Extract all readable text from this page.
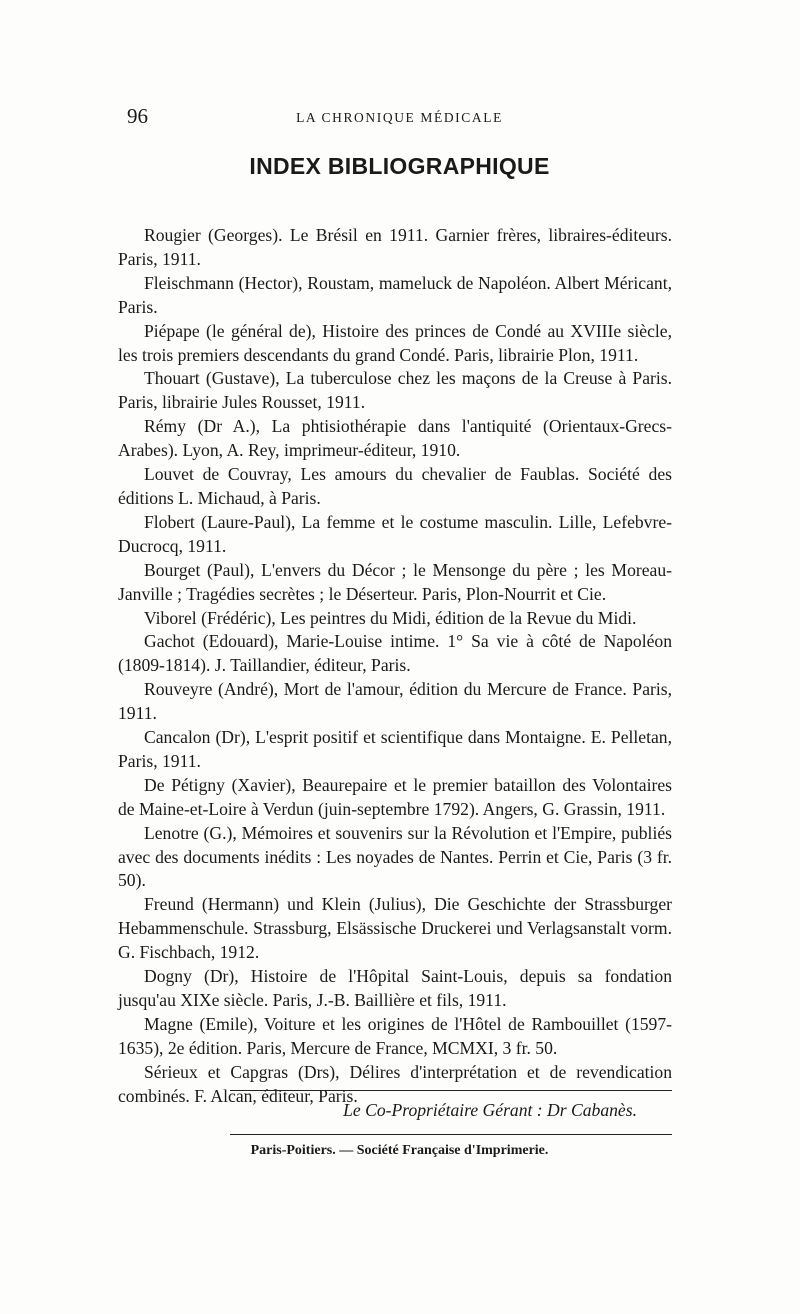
96	LA CHRONIQUE MÉDICALE
INDEX BIBLIOGRAPHIQUE

Rougier (Georges). Le Brésil en 1911. Garnier frères, libraires-éditeurs. Paris, 1911.

Fleischmann (Hector), Roustam, mameluck de Napoléon. Albert Méricant, Paris.

Piépape (le général de), Histoire des princes de Condé au XVIIIe siècle, les trois premiers descendants du grand Condé. Paris, librairie Plon, 1911.

Thouart (Gustave), La tuberculose chez les maçons de la Creuse à Paris. Paris, librairie Jules Rousset, 1911.

Rémy (Dr A.), La phtisiothérapie dans l'antiquité (Orientaux-Grecs-Arabes). Lyon, A. Rey, imprimeur-éditeur, 1910.

Louvet de Couvray, Les amours du chevalier de Faublas. Société des éditions L. Michaud, à Paris.

Flobert (Laure-Paul), La femme et le costume masculin. Lille, Lefebvre-Ducrocq, 1911.

Bourget (Paul), L'envers du Décor ; le Mensonge du père ; les Moreau-Janville ; Tragédies secrètes ; le Déserteur. Paris, Plon-Nourrit et Cie.

Viborel (Frédéric), Les peintres du Midi, édition de la Revue du Midi.

Gachot (Edouard), Marie-Louise intime. 1° Sa vie à côté de Napoléon (1809-1814). J. Taillandier, éditeur, Paris.

Rouveyre (André), Mort de l'amour, édition du Mercure de France. Paris, 1911.

Cancalon (Dr), L'esprit positif et scientifique dans Montaigne. E. Pelletan, Paris, 1911.

De Pétigny (Xavier), Beaurepaire et le premier bataillon des Volontaires de Maine-et-Loire à Verdun (juin-septembre 1792). Angers, G. Grassin, 1911.

Lenotre (G.), Mémoires et souvenirs sur la Révolution et l'Empire, publiés avec des documents inédits : Les noyades de Nantes. Perrin et Cie, Paris (3 fr. 50).

Freund (Hermann) und Klein (Julius), Die Geschichte der Strassburger Hebammenschule. Strassburg, Elsässische Druckerei und Verlagsanstalt vorm. G. Fischbach, 1912.

Dogny (Dr), Histoire de l'Hôpital Saint-Louis, depuis sa fondation jusqu'au XIXe siècle. Paris, J.-B. Baillière et fils, 1911.

Magne (Emile), Voiture et les origines de l'Hôtel de Rambouillet (1597-1635), 2e édition. Paris, Mercure de France, MCMXI, 3 fr. 50.

Sérieux et Capgras (Drs), Délires d'interprétation et de revendication combinés. F. Alcan, éditeur, Paris.

Le Co-Propriétaire Gérant : Dr Cabanès.
Paris-Poitiers. — Société Française d'Imprimerie.
